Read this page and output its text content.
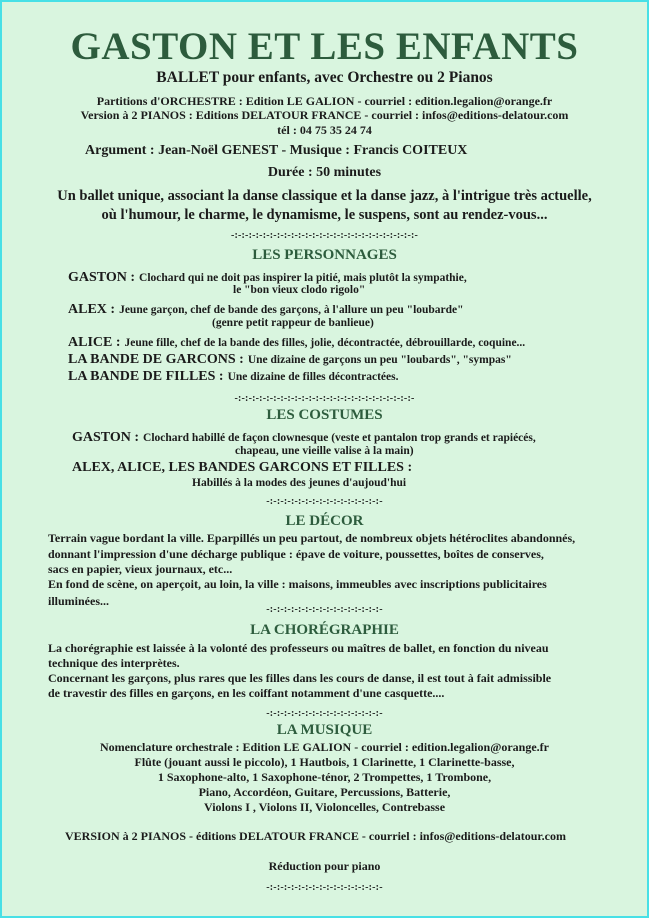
GASTON ET LES ENFANTS
BALLET pour enfants, avec Orchestre ou 2 Pianos
Partitions d'ORCHESTRE : Edition LE GALION - courriel : edition.legalion@orange.fr
Version à 2 PIANOS : Editions DELATOUR FRANCE - courriel : infos@editions-delatour.com
tél : 04 75 35 24 74
Argument : Jean-Noël GENEST - Musique : Francis COITEUX
Durée : 50 minutes
Un ballet unique, associant la danse classique et la danse jazz, à l'intrigue très actuelle,
où l'humour, le charme, le dynamisme, le suspens, sont au rendez-vous...
-:-:-:-:-:-:-:-:-:-:-:-:-:-:-:-:-:-:-:-:-:-:-:-:-:-:-
LES PERSONNAGES
GASTON : Clochard qui ne doit pas inspirer la pitié, mais plutôt la sympathie,
le "bon vieux clodo rigolo"
ALEX : Jeune garçon, chef de bande des garçons, à l'allure un peu "loubarde"
(genre petit rappeur de banlieue)
ALICE : Jeune fille, chef de la bande des filles, jolie, décontractée, débrouillarde, coquine...
LA BANDE DE GARCONS : Une dizaine de garçons un peu "loubards", "sympas"
LA BANDE DE FILLES : Une dizaine de filles décontractées.
-:-:-:-:-:-:-:-:-:-:-:-:-:-:-:-:-:-:-:-:-:-:-:-:-:-
LES COSTUMES
GASTON : Clochard habillé de façon clownesque (veste et pantalon trop grands et rapiécés,
chapeau, une vieille valise à la main)
ALEX, ALICE, LES BANDES GARCONS ET FILLES :
Habillés à la modes des jeunes d'aujoud'hui
-:-:-:-:-:-:-:-:-:-:-:-:-:-:-:-:-
LE DÉCOR
Terrain vague bordant la ville. Eparpillés un peu partout, de nombreux objets hétéroclites abandonnés,
donnant l'impression d'une décharge publique : épave de voiture, poussettes, boîtes de conserves,
sacs en papier, vieux journaux, etc...
En fond de scène, on aperçoit, au loin, la ville : maisons, immeubles avec inscriptions publicitaires
illuminées...
-:-:-:-:-:-:-:-:-:-:-:-:-:-:-:-:-
LA CHORÉGRAPHIE
La chorégraphie est laissée à la volonté des professeurs ou maîtres de ballet, en fonction du niveau
technique des interprètes.
Concernant les garçons, plus rares que les filles dans les cours de danse, il est tout à fait admissible
de travestir des filles en garçons, en les coiffant notamment d'une casquette....
-:-:-:-:-:-:-:-:-:-:-:-:-:-:-:-:-
LA MUSIQUE
Nomenclature orchestrale : Edition LE GALION - courriel : edition.legalion@orange.fr
Flûte (jouant aussi le piccolo), 1 Hautbois, 1 Clarinette, 1 Clarinette-basse,
1 Saxophone-alto, 1 Saxophone-ténor, 2 Trompettes, 1 Trombone,
Piano, Accordéon, Guitare, Percussions, Batterie,
Violons I , Violons II, Violoncelles, Contrebasse
VERSION à 2 PIANOS - éditions DELATOUR FRANCE - courriel : infos@editions-delatour.com
Réduction pour piano
-:-:-:-:-:-:-:-:-:-:-:-:-:-:-:-:-
